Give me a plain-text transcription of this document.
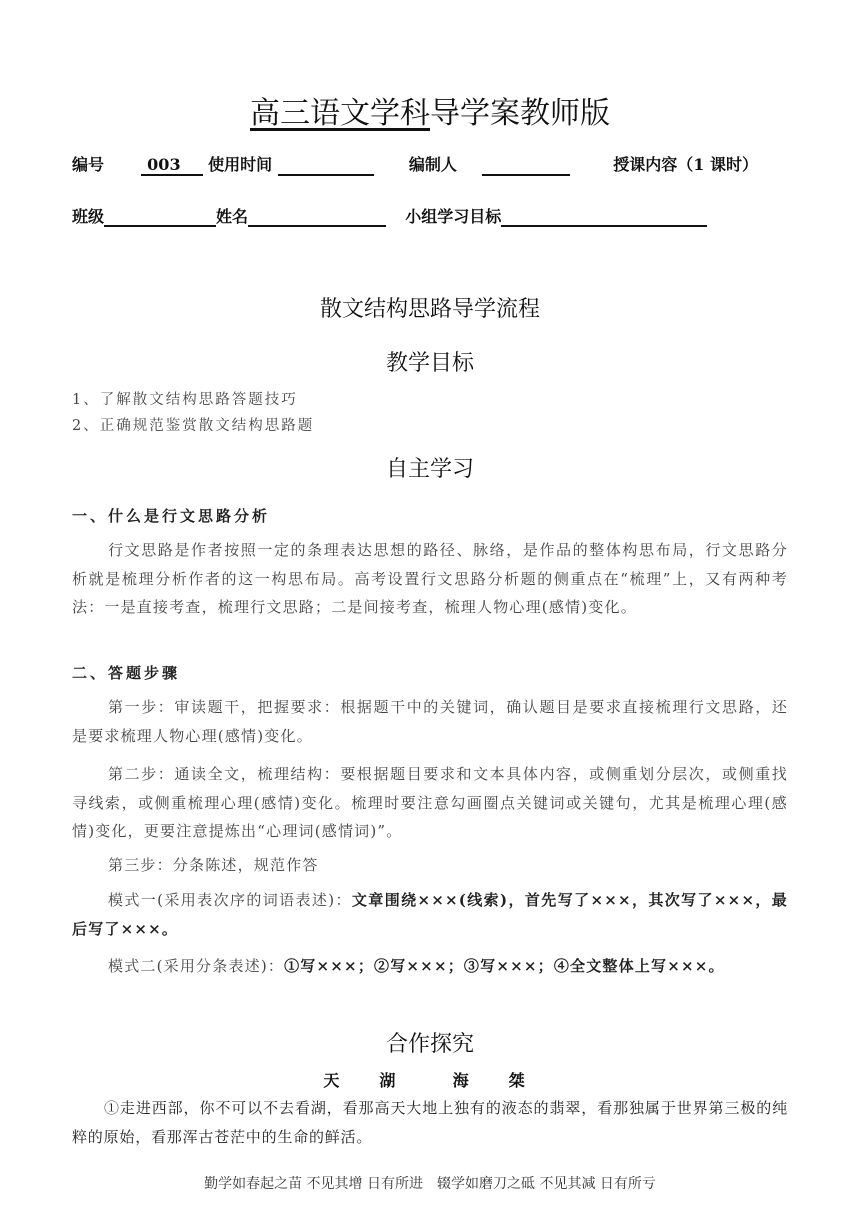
高三语文学科导学案教师版
编号	003 使用时间	编制人	授课内容（1 课时）
班级	姓名	小组学习目标
散文结构思路导学流程
教学目标
1、了解散文结构思路答题技巧
2、正确规范鉴赏散文结构思路题
自主学习
一、什么是行文思路分析
行文思路是作者按照一定的条理表达思想的路径、脉络，是作品的整体构思布局，行文思路分析就是梳理分析作者的这一构思布局。高考设置行文思路分析题的侧重点在“梳理”上，又有两种考法：一是直接考查，梳理行文思路；二是间接考查，梳理人物心理(感情)变化。
二、答题步骤
第一步：审读题干，把握要求：根据题干中的关键词，确认题目是要求直接梳理行文思路，还是要求梳理人物心理(感情)变化。
第二步：通读全文，梳理结构：要根据题目要求和文本具体内容，或侧重划分层次，或侧重找寻线索，或侧重梳理心理(感情)变化。梳理时要注意勾画圈点关键词或关键句，尤其是梳理心理(感情)变化，更要注意提炼出“心理词(感情词)”。
第三步：分条陈述，规范作答
模式一(采用表次序的词语表述)：文章围绕×××(线索)，首先写了×××，其次写了×××，最后写了×××。
模式二(采用分条表述)：①写×××；②写×××；③写×××；④全文整体上写×××。
合作探究
天　湖	海　桀
①走进西部，你不可以不去看湖，看那高天大地上独有的液态的翡翠，看那独属于世界第三极的纯粹的原始，看那浑古苍茫中的生命的鲜活。
勤学如春起之苗 不见其增 日有所进　辍学如磨刀之砥 不见其减 日有所亏
